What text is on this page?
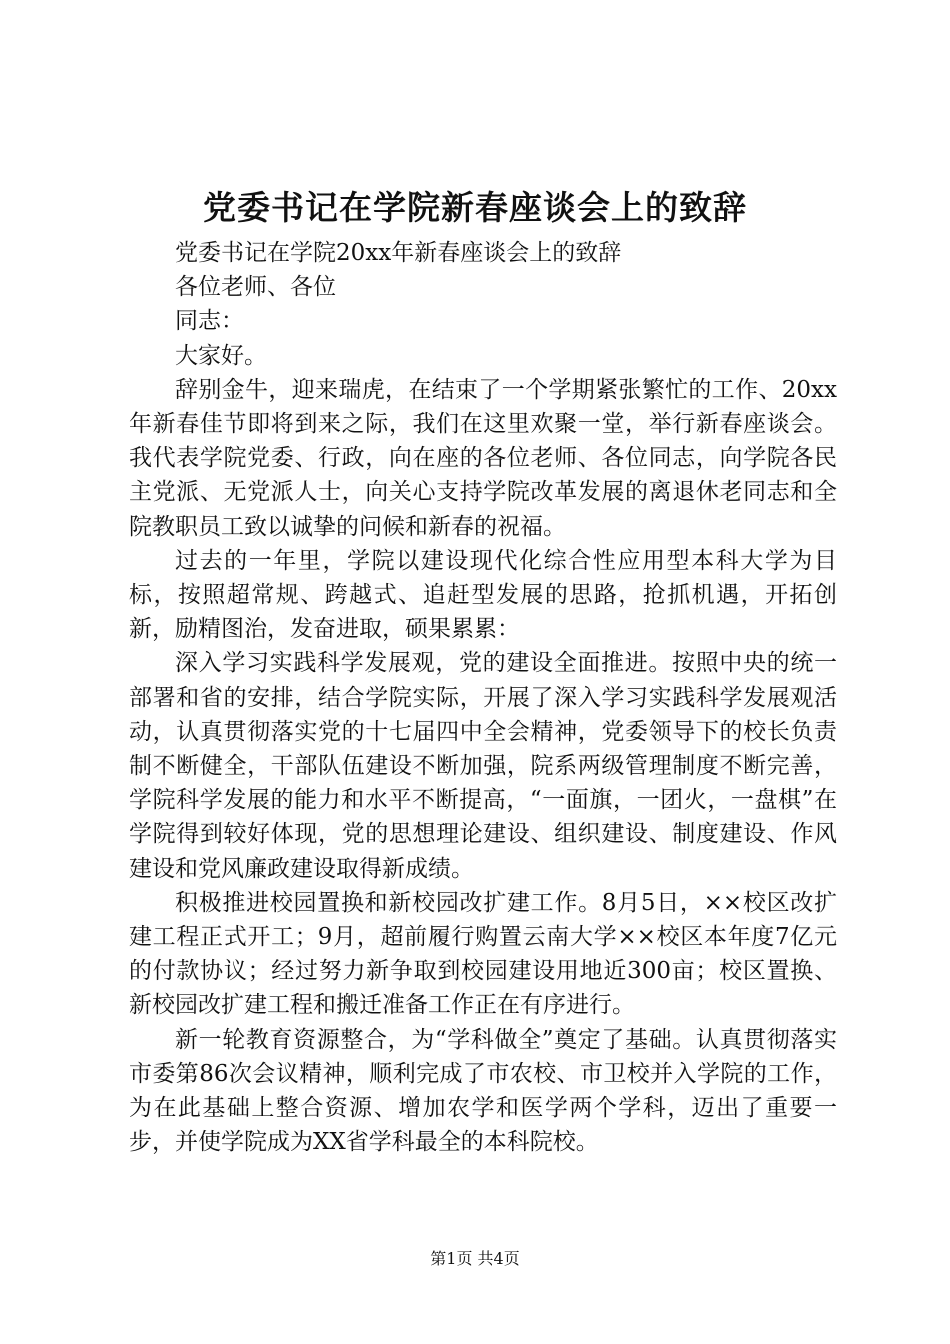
党委书记在学院新春座谈会上的致辞

党委书记在学院20xx年新春座谈会上的致辞

各位老师、各位

同志：

大家好。

辞别金牛，迎来瑞虎，在结束了一个学期紧张繁忙的工作、20xx年新春佳节即将到来之际，我们在这里欢聚一堂，举行新春座谈会。我代表学院党委、行政，向在座的各位老师、各位同志，向学院各民主党派、无党派人士，向关心支持学院改革发展的离退休老同志和全院教职员工致以诚挚的问候和新春的祝福。

过去的一年里，学院以建设现代化综合性应用型本科大学为目标，按照超常规、跨越式、追赶型发展的思路，抢抓机遇，开拓创新，励精图治，发奋进取，硕果累累：

深入学习实践科学发展观，党的建设全面推进。按照中央的统一部署和省的安排，结合学院实际，开展了深入学习实践科学发展观活动，认真贯彻落实党的十七届四中全会精神，党委领导下的校长负责制不断健全，干部队伍建设不断加强，院系两级管理制度不断完善，学院科学发展的能力和水平不断提高，“一面旗，一团火，一盘棋”在学院得到较好体现，党的思想理论建设、组织建设、制度建设、作风建设和党风廉政建设取得新成绩。

积极推进校园置换和新校园改扩建工作。8月5日，××校区改扩建工程正式开工；9月，超前履行购置云南大学××校区本年度7亿元的付款协议；经过努力新争取到校园建设用地近300亩；校区置换、新校园改扩建工程和搬迁准备工作正在有序进行。

新一轮教育资源整合，为“学科做全”奠定了基础。认真贯彻落实市委第86次会议精神，顺利完成了市农校、市卫校并入学院的工作，为在此基础上整合资源、增加农学和医学两个学科，迈出了重要一步，并使学院成为XX省学科最全的本科院校。

第1页 共4页
